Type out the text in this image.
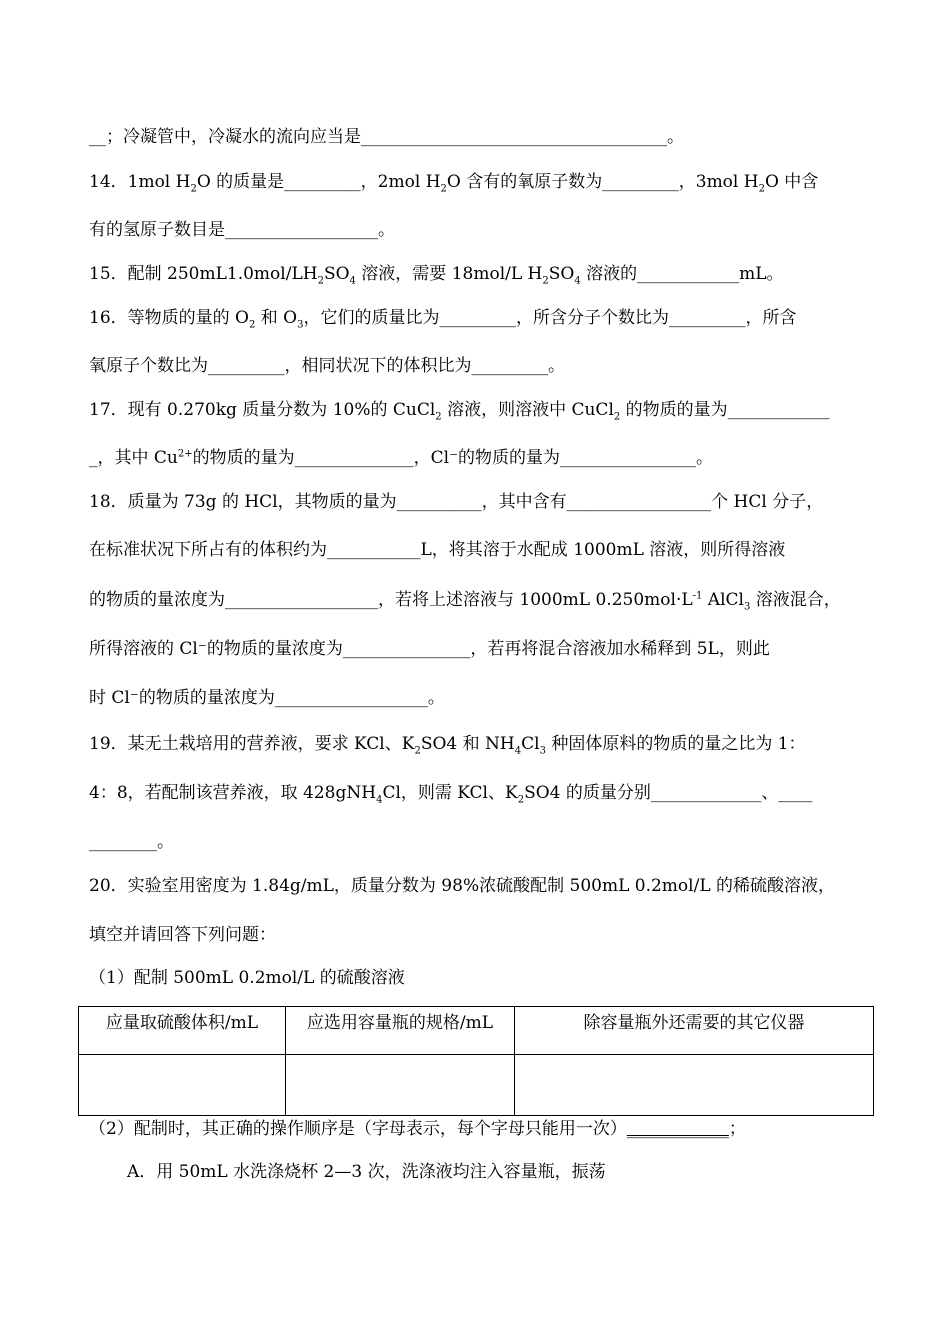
__；冷凝管中，冷凝水的流向应当是____________________________________。
14．1mol $H_2O$ 的质量是_________，2mol $H_2O$ 含有的氧原子数为_________，3mol $H_2O$ 中含
有的氢原子数目是__________________。
15．配制 $250mL1.0mol/LH_2SO_4$ 溶液，需要 18mol/L $H_2SO_4$ 溶液的____________mL。
16．等物质的量的 $O_2$ 和 $O_3$，它们的质量比为_________，所含分子个数比为_________，所含
氧原子个数比为_________，相同状况下的体积比为_________。
17．现有 0.270kg 质量分数为 10%的 CuCl$_2$ 溶液，则溶液中 CuCl$_2$ 的物质的量为____________
_，其中 $Cu^{2+}$的物质的量为______________，Cl⁻的物质的量为________________。
18．质量为 73g 的 HCl，其物质的量为__________，其中含有_________________个 HCl 分子，
在标准状况下所占有的体积约为___________L，将其溶于水配成 1000mL 溶液，则所得溶液
的物质的量浓度为__________________，若将上述溶液与 1000mL $0.250mol\cdot L^{-1}$ AlCl$_3$ 溶液混合，
所得溶液的 Cl⁻的物质的量浓度为_______________，若再将混合溶液加水稀释到 5L，则此
时 Cl⁻的物质的量浓度为__________________。
19．某无土栽培用的营养液，要求 KCl、$K_2SO4$ 和 $NH_4Cl_3$ 种固体原料的物质的量之比为 1：
4：8，若配制该营养液，取 428gNH$_4$Cl，则需 KCl、$K_2SO4$ 的质量分别_____________、____
________。
20．实验室用密度为 1.84g/mL，质量分数为 98%浓硫酸配制 500mL 0.2mol/L 的稀硫酸溶液，
填空并请回答下列问题：
（1）配制 500mL 0.2mol/L 的硫酸溶液
应量取硫酸体积/mL	应选用容量瓶的规格/mL	除容量瓶外还需要的其它仪器

（2）配制时，其正确的操作顺序是（字母表示，每个字母只能用一次）____________；
A．用 50mL 水洗涤烧杯 2—3 次，洗涤液均注入容量瓶，振荡
